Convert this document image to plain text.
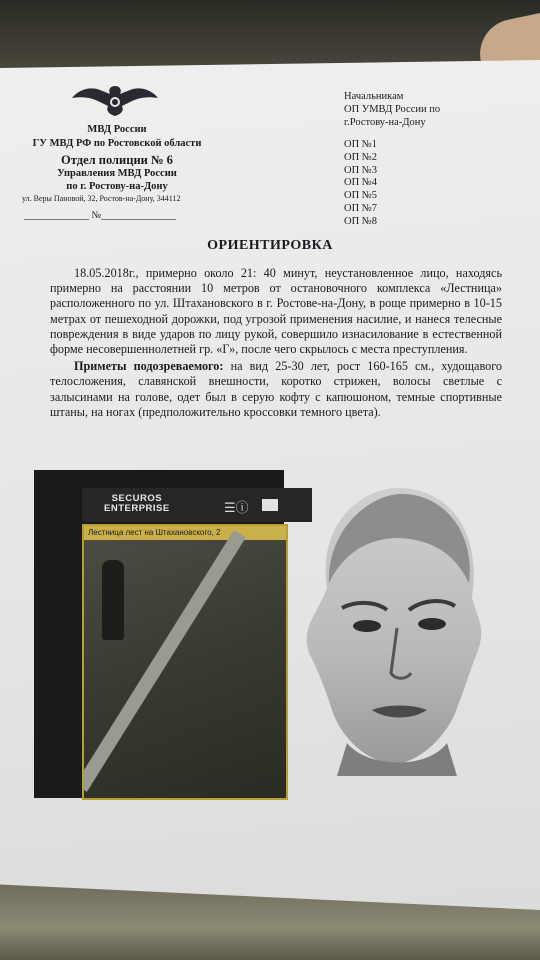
МВД России
ГУ МВД РФ по Ростовской области
Отдел полиции № 6
Управления МВД России
по г. Ростову-на-Дону
ул. Веры Пановой, 32, Ростов-на-Дону, 344112
_____________ №_______________
Начальникам
ОП УМВД России по
г.Ростову-на-Дону
ОП №1
ОП №2
ОП №3
ОП №4
ОП №5
ОП №7
ОП №8
ОРИЕНТИРОВКА

18.05.2018г., примерно около 21: 40 минут, неустановленное лицо, находясь примерно на расстоянии 10 метров от остановочного комплекса «Лестница» расположенного по ул. Штахановского в г. Ростове-на-Дону, в роще примерно в 10-15 метрах от пешеходной дорожки, под угрозой применения насилие, и нанеся телесные повреждения в виде ударов по лицу рукой, совершило изнасилование в естественной форме несовершеннолетней гр. «Г», после чего скрылось с места преступления.

Приметы подозреваемого: на вид 25-30 лет, рост 160-165 см., худощавого телосложения, славянской внешности, коротко стрижен, волосы светлые с залысинами на голове, одет был в серую кофту с капюшоном, темные спортивные штаны, на ногах (предположительно кроссовки темного цвета).

SECUROS
ENTERPRISE	☰ⓘ
Лестница лест на Штахановского, 2
